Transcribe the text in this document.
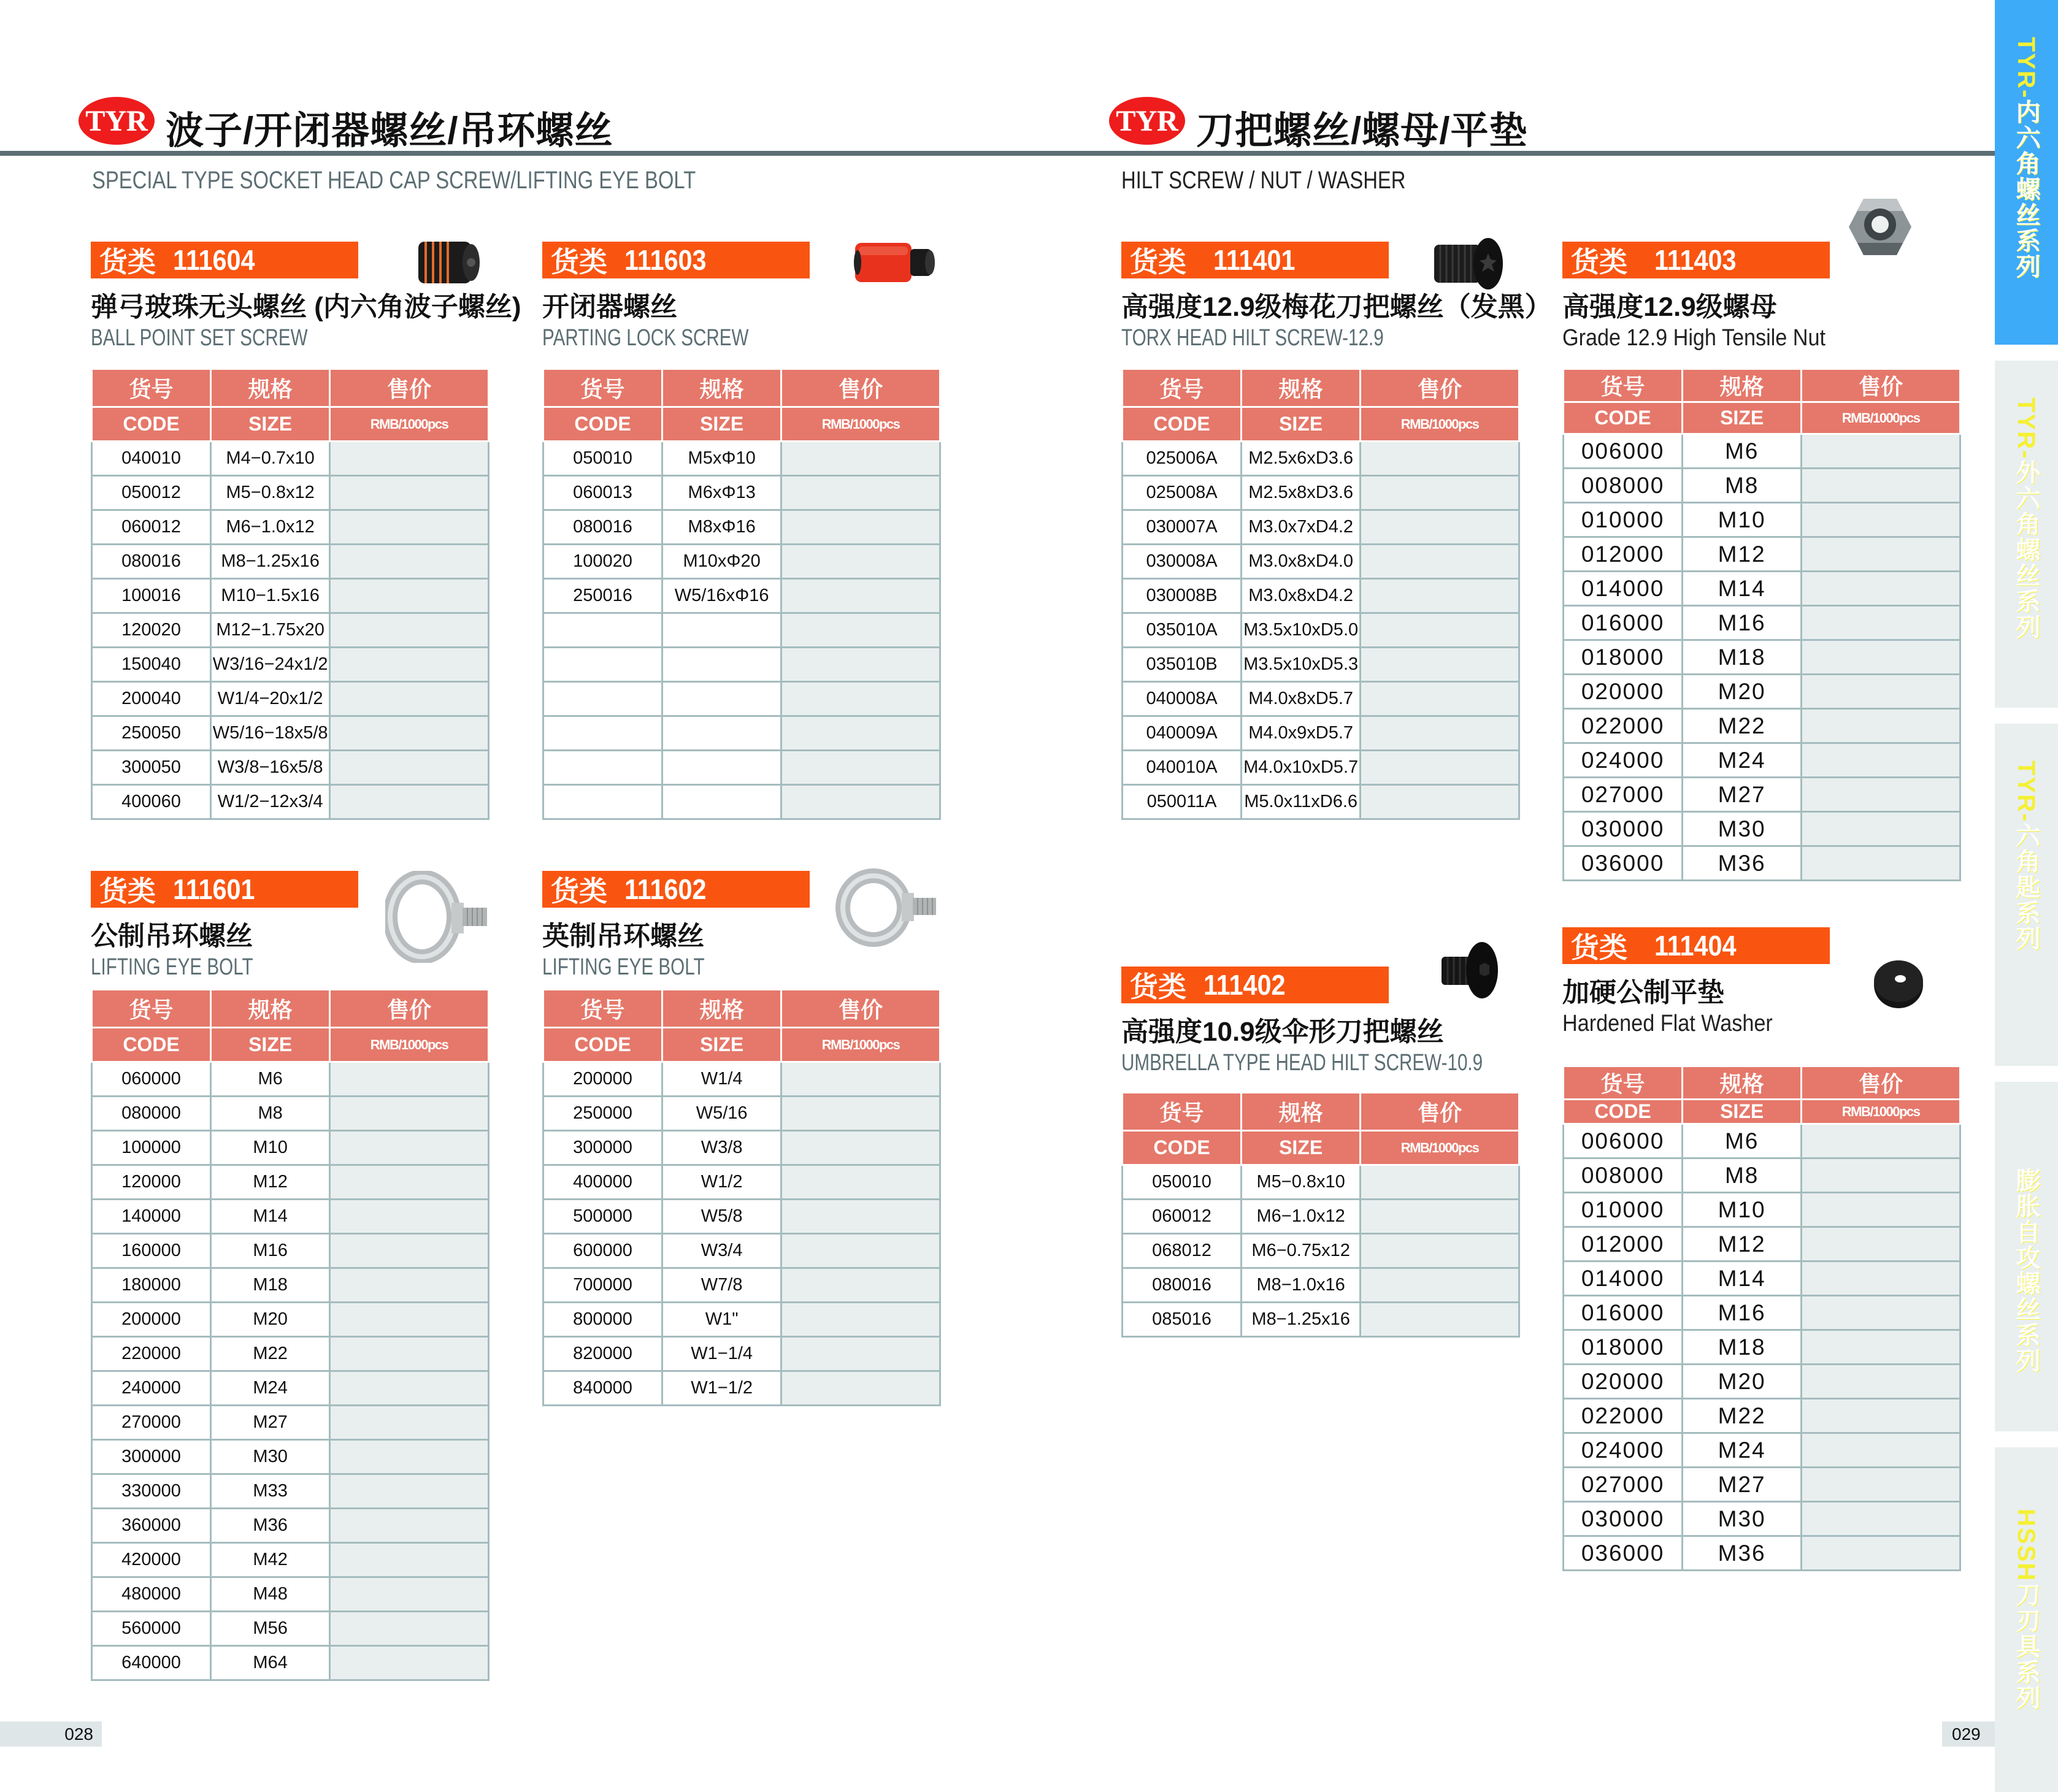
TYR 波子/开闭器螺丝/吊环螺丝
SPECIAL TYPE SOCKET HEAD CAP SCREW/LIFTING EYE BOLT
TYR 刀把螺丝/螺母/平垫
HILT SCREW / NUT / WASHER
货类 111604
弹弓玻珠无头螺丝 (内六角波子螺丝)
BALL POINT SET SCREW
货类 111603
开闭器螺丝
PARTING LOCK SCREW
货类 111601
公制吊环螺丝
LIFTING EYE BOLT
货类 111602
英制吊环螺丝
LIFTING EYE BOLT
货类 111401
高强度12.9级梅花刀把螺丝（发黑）
TORX HEAD HILT SCREW-12.9
货类 111403
高强度12.9级螺母
Grade 12.9 High Tensile Nut
货类 111402
高强度10.9级伞形刀把螺丝
UMBRELLA TYPE HEAD HILT SCREW-10.9
货类 111404
加硬公制平垫
Hardened Flat Washer
货号	规格	售价
CODE	SIZE	RMB/1000pcs
040010	M4−0.7x10	
050012	M5−0.8x12	
060012	M6−1.0x12	
080016	M8−1.25x16	
100016	M10−1.5x16	
120020	M12−1.75x20	
150040	W3/16−24x1/2	
200040	W1/4−20x1/2	
250050	W5/16−18x5/8	
300050	W3/8−16x5/8	
400060	W1/2−12x3/4	
货号	规格	售价
CODE	SIZE	RMB/1000pcs
050010	M5xΦ10	
060013	M6xΦ13	
080016	M8xΦ16	
100020	M10xΦ20	
250016	W5/16xΦ16	

货号	规格	售价
CODE	SIZE	RMB/1000pcs
060000	M6	
080000	M8	
100000	M10	
120000	M12	
140000	M14	
160000	M16	
180000	M18	
200000	M20	
220000	M22	
240000	M24	
270000	M27	
300000	M30	
330000	M33	
360000	M36	
420000	M42	
480000	M48	
560000	M56	
640000	M64	
货号	规格	售价
CODE	SIZE	RMB/1000pcs
200000	W1/4	
250000	W5/16	
300000	W3/8	
400000	W1/2	
500000	W5/8	
600000	W3/4	
700000	W7/8	
800000	W1"	
820000	W1−1/4	
840000	W1−1/2	
货号	规格	售价
CODE	SIZE	RMB/1000pcs
025006A	M2.5x6xD3.6	
025008A	M2.5x8xD3.6	
030007A	M3.0x7xD4.2	
030008A	M3.0x8xD4.0	
030008B	M3.0x8xD4.2	
035010A	M3.5x10xD5.0	
035010B	M3.5x10xD5.3	
040008A	M4.0x8xD5.7	
040009A	M4.0x9xD5.7	
040010A	M4.0x10xD5.7	
050011A	M5.0x11xD6.6	
货号	规格	售价
CODE	SIZE	RMB/1000pcs
006000	M6	
008000	M8	
010000	M10	
012000	M12	
014000	M14	
016000	M16	
018000	M18	
020000	M20	
022000	M22	
024000	M24	
027000	M27	
030000	M30	
036000	M36	
货号	规格	售价
CODE	SIZE	RMB/1000pcs
050010	M5−0.8x10	
060012	M6−1.0x12	
068012	M6−0.75x12	
080016	M8−1.0x16	
085016	M8−1.25x16	
货号	规格	售价
CODE	SIZE	RMB/1000pcs
006000	M6	
008000	M8	
010000	M10	
012000	M12	
014000	M14	
016000	M16	
018000	M18	
020000	M20	
022000	M22	
024000	M24	
027000	M27	
030000	M30	
036000	M36	
028	029
TYR-内六角螺丝系列
TYR-外六角螺丝系列
TYR-六角匙系列
膨胀自攻螺丝系列
HSSH刀刃具系列
